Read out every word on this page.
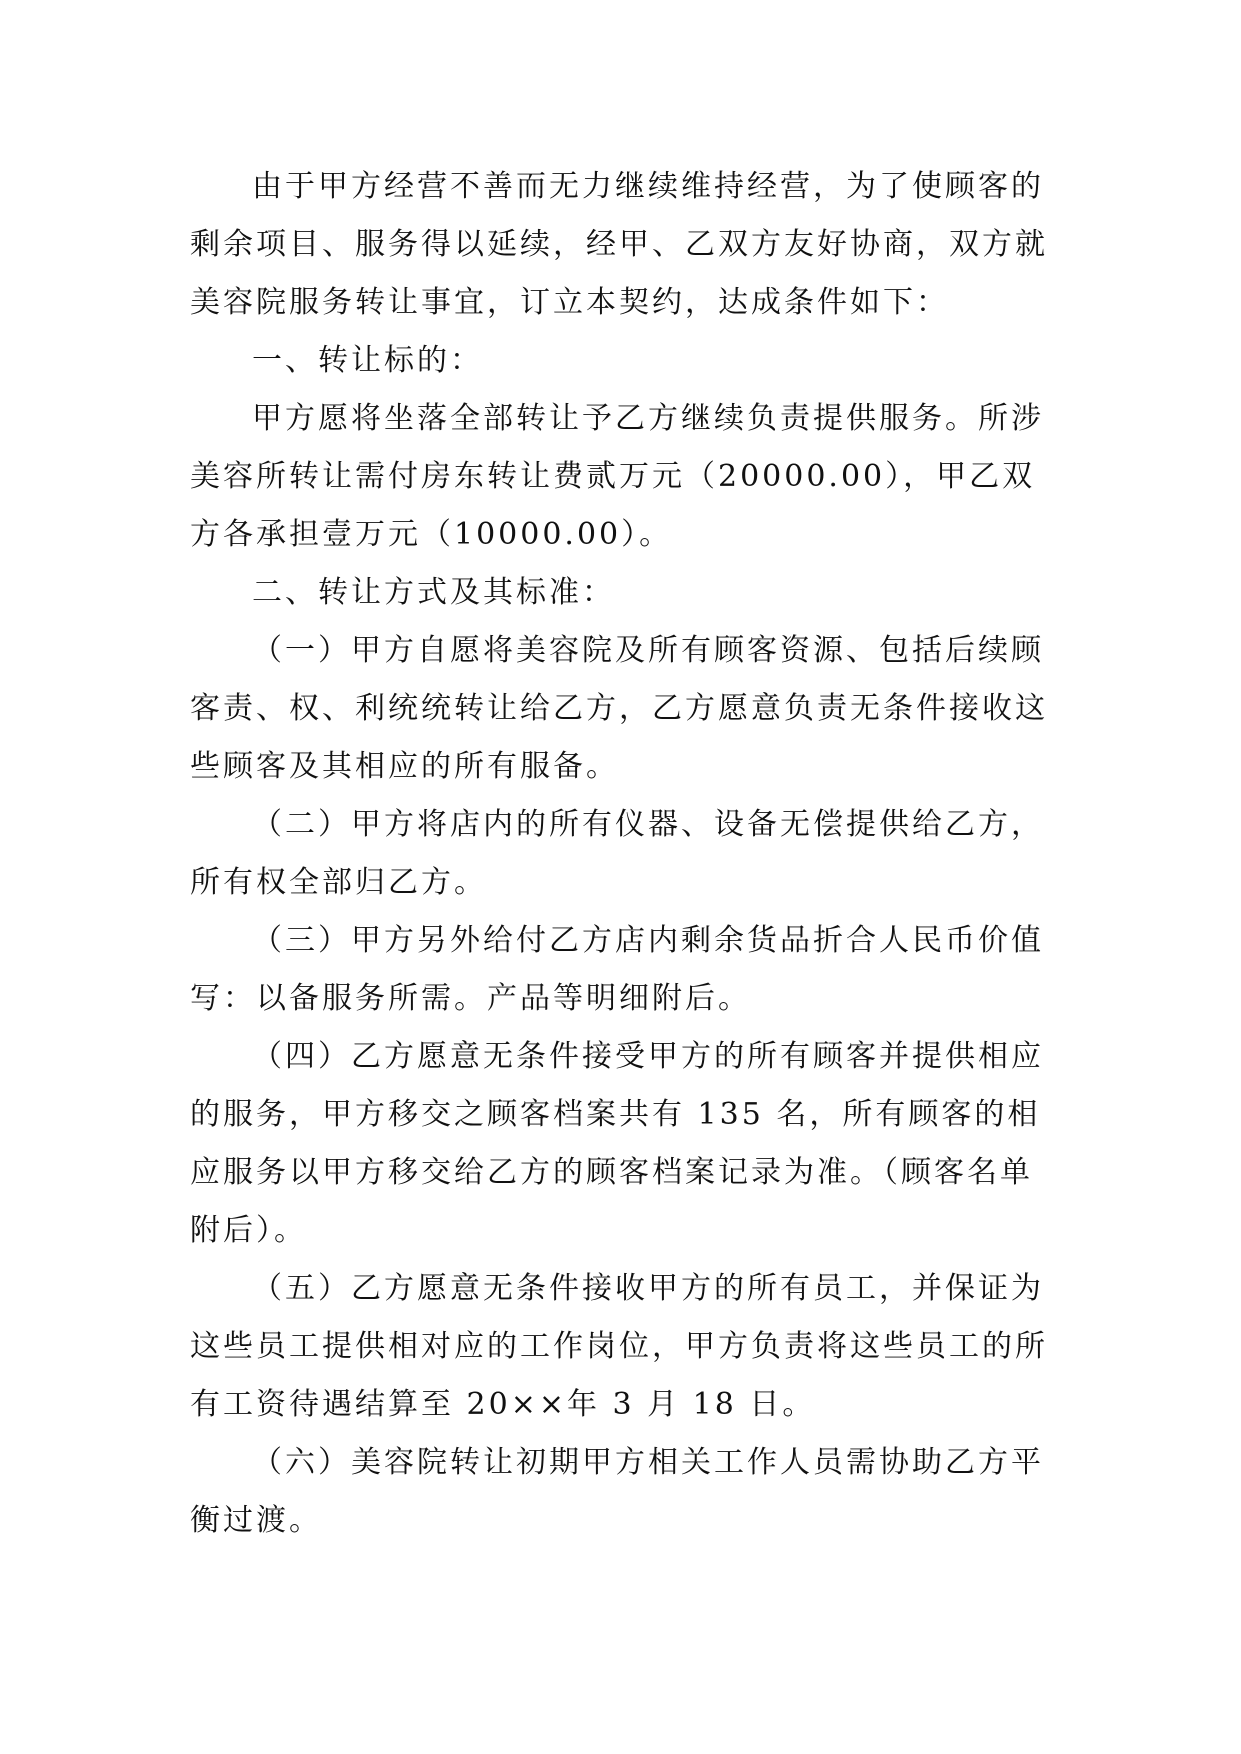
由于甲方经营不善而无力继续维持经营，为了使顾客的剩余项目、服务得以延续，经甲、乙双方友好协商，双方就美容院服务转让事宜，订立本契约，达成条件如下：

一、转让标的：

甲方愿将坐落全部转让予乙方继续负责提供服务。所涉美容所转让需付房东转让费贰万元（20000.00），甲乙双方各承担壹万元（10000.00）。

二、转让方式及其标准：

（一）甲方自愿将美容院及所有顾客资源、包括后续顾客责、权、利统统转让给乙方，乙方愿意负责无条件接收这些顾客及其相应的所有服备。

（二）甲方将店内的所有仪器、设备无偿提供给乙方，所有权全部归乙方。

（三）甲方另外给付乙方店内剩余货品折合人民币价值写：以备服务所需。产品等明细附后。

（四）乙方愿意无条件接受甲方的所有顾客并提供相应的服务，甲方移交之顾客档案共有 135 名，所有顾客的相应服务以甲方移交给乙方的顾客档案记录为准。（顾客名单附后）。

（五）乙方愿意无条件接收甲方的所有员工，并保证为这些员工提供相对应的工作岗位，甲方负责将这些员工的所有工资待遇结算至 20××年 3 月 18 日。

（六）美容院转让初期甲方相关工作人员需协助乙方平衡过渡。
